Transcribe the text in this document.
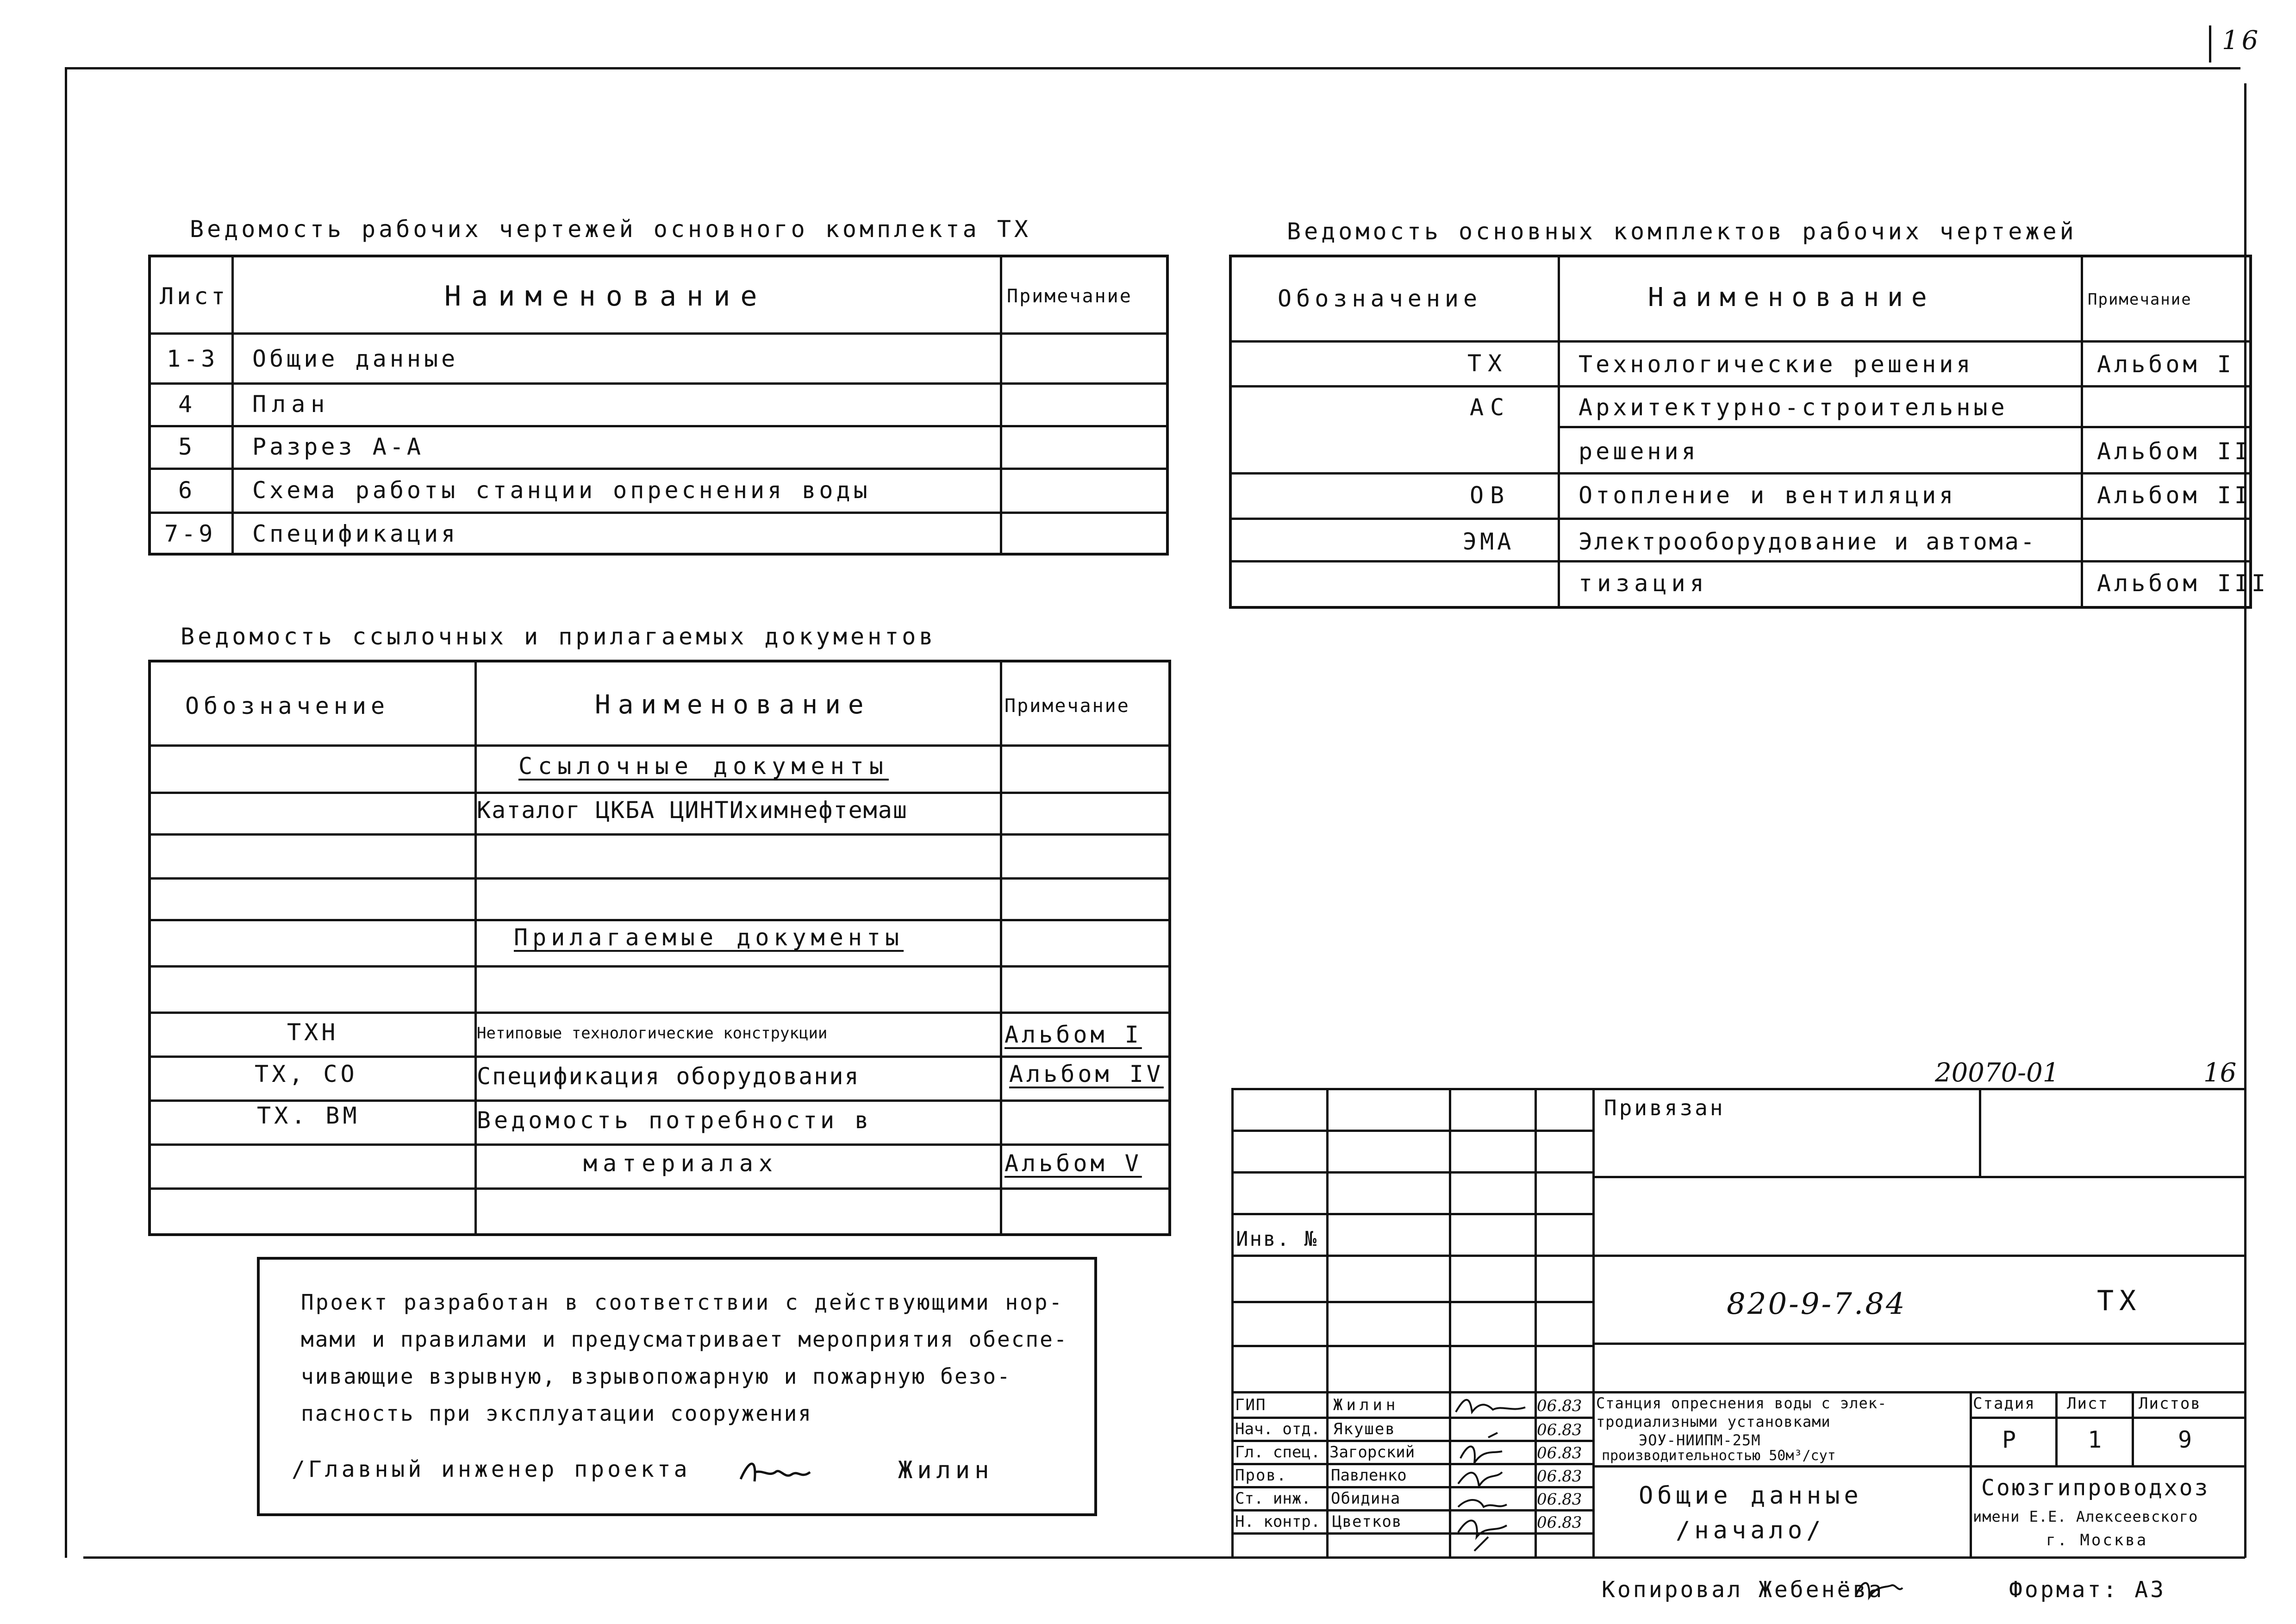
16
Ведомость рабочих чертежей основного комплекта ТХ
Лист	Наименование	Примечание
1-3 Общие данные
4 План
5 Разрез А-А
6 Схема работы станции опреснения воды
7-9 Спецификация
Ведомость основных комплектов рабочих чертежей
Обозначение	Наименование	Примечание
ТХ	Технологические решения	Альбом I
АС	Архитектурно-строительные
решения	Альбом II
ОВ	Отопление и вентиляция	Альбом II
ЭМА	Электрооборудование и автома-
тизация	Альбом III
Ведомость ссылочных и прилагаемых документов
Обозначение	Наименование	Примечание
Ссылочные документы
Каталог ЦКБА ЦИНТИхимнефтемаш
Прилагаемые документы
ТХН	Нетиповые технологические конструкции	Альбом I
ТХ, СО	Спецификация оборудования	Альбом IV
ТХ. ВМ	Ведомость потребности в
материалах	Альбом V
Проект разработан в соответствии с действующими нор-
мами и правилами и предусматривает мероприятия обеспе-
чивающие взрывную, взрывопожарную и пожарную безо-
пасность при эксплуатации сооружения
/Главный инженер проекта	Жилин
20070-01	16
Привязан
Инв. №
820-9-7.84	ТХ
ГИП	Жилин	06.83
Нач. отд. Якушев	06.83
Гл. спец. Загорский	06.83
Пров.	Павленко	06.83
Ст. инж. Обидина	06.83
Н. контр. Цветков	06.83
Станция опреснения воды с элек-
тродиализными установками
ЭОУ-НИИПМ-25М
производительностью 50м³/сут
Стадия Лист Листов
Р	1	9
Общие данные
/начало/
Союзгипроводхоз
имени Е.Е. Алексеевского
г. Москва
Копировал Жебенёва	Формат: А3
